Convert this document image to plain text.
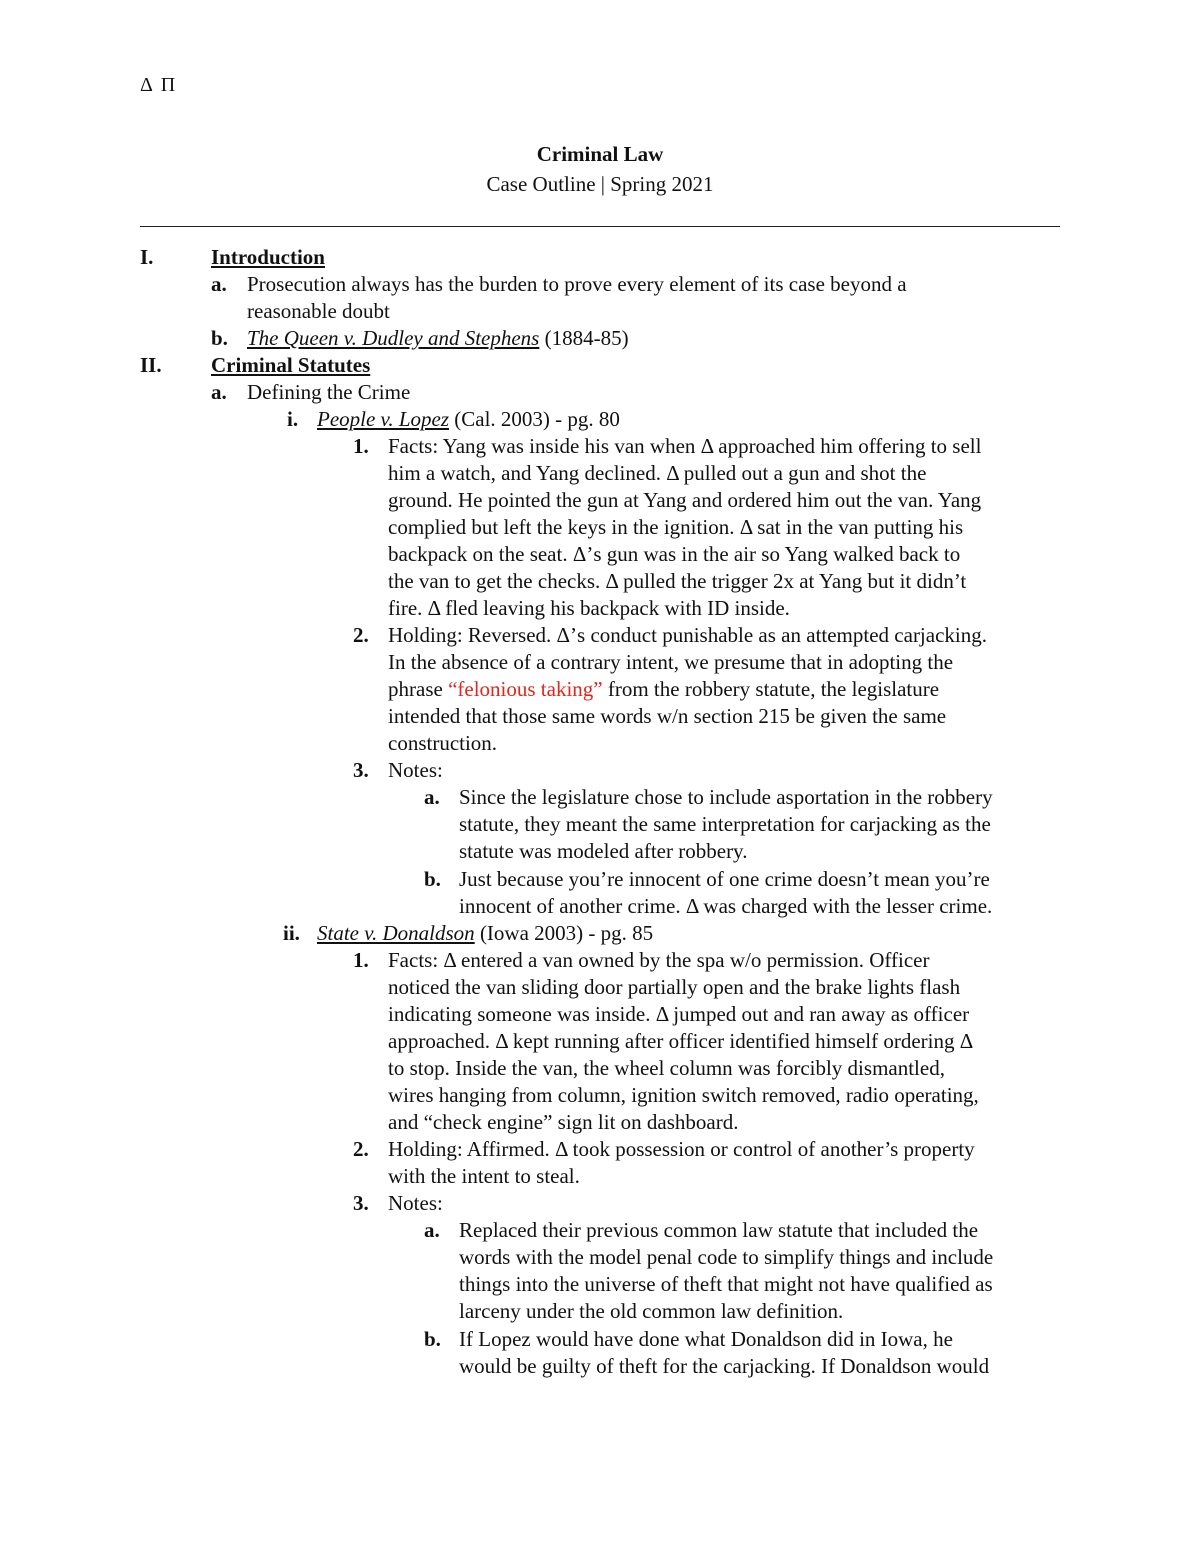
Δ Π
Criminal Law
Case Outline | Spring 2021
I.	Introduction
a. Prosecution always has the burden to prove every element of its case beyond a
reasonable doubt
b. The Queen v. Dudley and Stephens (1884-85)
II. Criminal Statutes
a. Defining the Crime
i. People v. Lopez (Cal. 2003) - pg. 80
1. Facts: Yang was inside his van when Δ approached him offering to sell
him a watch, and Yang declined. Δ pulled out a gun and shot the
ground. He pointed the gun at Yang and ordered him out the van. Yang
complied but left the keys in the ignition. Δ sat in the van putting his
backpack on the seat. Δ’s gun was in the air so Yang walked back to
the van to get the checks. Δ pulled the trigger 2x at Yang but it didn’t
fire. Δ fled leaving his backpack with ID inside.
2. Holding: Reversed. Δ’s conduct punishable as an attempted carjacking.
In the absence of a contrary intent, we presume that in adopting the
phrase “felonious taking” from the robbery statute, the legislature
intended that those same words w/n section 215 be given the same
construction.
3. Notes:
a. Since the legislature chose to include asportation in the robbery
statute, they meant the same interpretation for carjacking as the
statute was modeled after robbery.
b. Just because you’re innocent of one crime doesn’t mean you’re
innocent of another crime. Δ was charged with the lesser crime.
ii. State v. Donaldson (Iowa 2003) - pg. 85
1. Facts: Δ entered a van owned by the spa w/o permission. Officer
noticed the van sliding door partially open and the brake lights flash
indicating someone was inside. Δ jumped out and ran away as officer
approached. Δ kept running after officer identified himself ordering Δ
to stop. Inside the van, the wheel column was forcibly dismantled,
wires hanging from column, ignition switch removed, radio operating,
and “check engine” sign lit on dashboard.
2. Holding: Affirmed. Δ took possession or control of another’s property
with the intent to steal.
3. Notes:
a. Replaced their previous common law statute that included the
words with the model penal code to simplify things and include
things into the universe of theft that might not have qualified as
larceny under the old common law definition.
b. If Lopez would have done what Donaldson did in Iowa, he
would be guilty of theft for the carjacking. If Donaldson would
